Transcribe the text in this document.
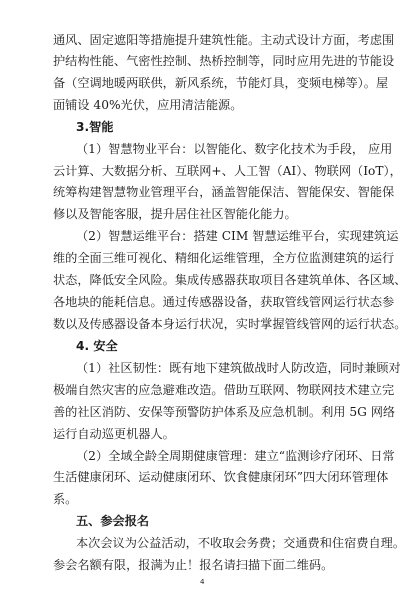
通风、固定遮阳等措施提升建筑性能。主动式设计方面，考虑围
护结构性能、气密性控制、热桥控制等，同时应用先进的节能设
备（空调地暖两联供，新风系统，节能灯具，变频电梯等）。屋
面铺设 40%光伏，应用清洁能源。
3.智能
（1）智慧物业平台：以智能化、数字化技术为手段， 应用
云计算、大数据分析、互联网+、人工智（AI）、物联网（IoT），
统筹构建智慧物业管理平台，涵盖智能保洁、智能保安、智能保
修以及智能客服，提升居住社区智能化能力。
（2）智慧运维平台：搭建 CIM 智慧运维平台，实现建筑运
维的全面三维可视化、精细化运维管理，全方位监测建筑的运行
状态，降低安全风险。集成传感器获取项目各建筑单体、各区域、
各地块的能耗信息。通过传感器设备，获取管线管网运行状态参
数以及传感器设备本身运行状况，实时掌握管线管网的运行状态。
4. 安全
（1）社区韧性：既有地下建筑做战时人防改造，同时兼顾对
极端自然灾害的应急避难改造。借助互联网、物联网技术建立完
善的社区消防、安保等预警防护体系及应急机制。利用 5G 网络
运行自动巡更机器人。
（2）全域全龄全周期健康管理：建立“监测诊疗闭环、日常
生活健康闭环、运动健康闭环、饮食健康闭环”四大闭环管理体
系。
五、参会报名
本次会议为公益活动，不收取会务费；交通费和住宿费自理。
参会名额有限，报满为止！报名请扫描下面二维码。
4
